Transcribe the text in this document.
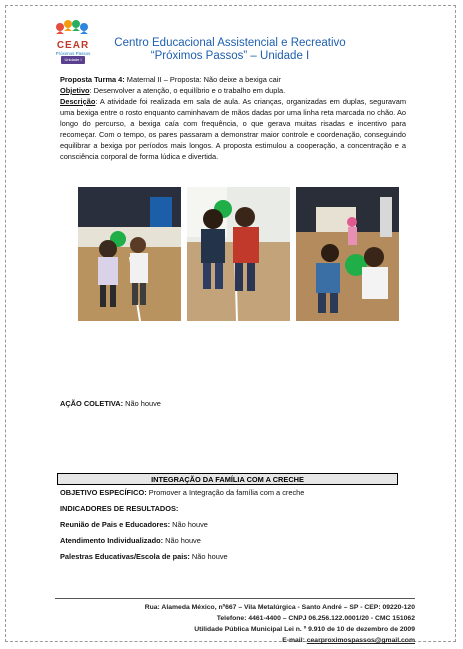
CEAR
Próximos Passos
Unidade I
Centro Educacional Assistencial e Recreativo
“Próximos Passos” – Unidade I

Proposta Turma 4: Maternal II – Proposta: Não deixe a bexiga cair

Objetivo: Desenvolver a atenção, o equilíbrio e o trabalho em dupla.

Descrição: A atividade foi realizada em sala de aula. As crianças, organizadas em duplas, seguravam uma bexiga entre o rosto enquanto caminhavam de mãos dadas por uma linha reta marcada no chão. Ao longo do percurso, a bexiga caía com frequência, o que gerava muitas risadas e incentivo para recomeçar. Com o tempo, os pares passaram a demonstrar maior controle e coordenação, conseguindo equilibrar a bexiga por períodos mais longos. A proposta estimulou a cooperação, a concentração e a consciência corporal de forma lúdica e divertida.

AÇÃO COLETIVA: Não houve
INTEGRAÇÃO DA FAMÍLIA COM A CRECHE
OBJETIVO ESPECÍFICO: Promover a Integração da família com a creche
INDICADORES DE RESULTADOS:
Reunião de Pais e Educadores: Não houve
Atendimento Individualizado: Não houve
Palestras Educativas/Escola de pais: Não houve
Rua: Alameda México, nº667 – Vila Metalúrgica - Santo André – SP - CEP: 09220-120
Telefone: 4461-4400 – CNPJ 06.256.122.0001/20 - CMC 151062
Utilidade Pública Municipal Lei n. º 9.910 de 10 de dezembro de 2009
E-mail: cearproximospassos@gmail.com
